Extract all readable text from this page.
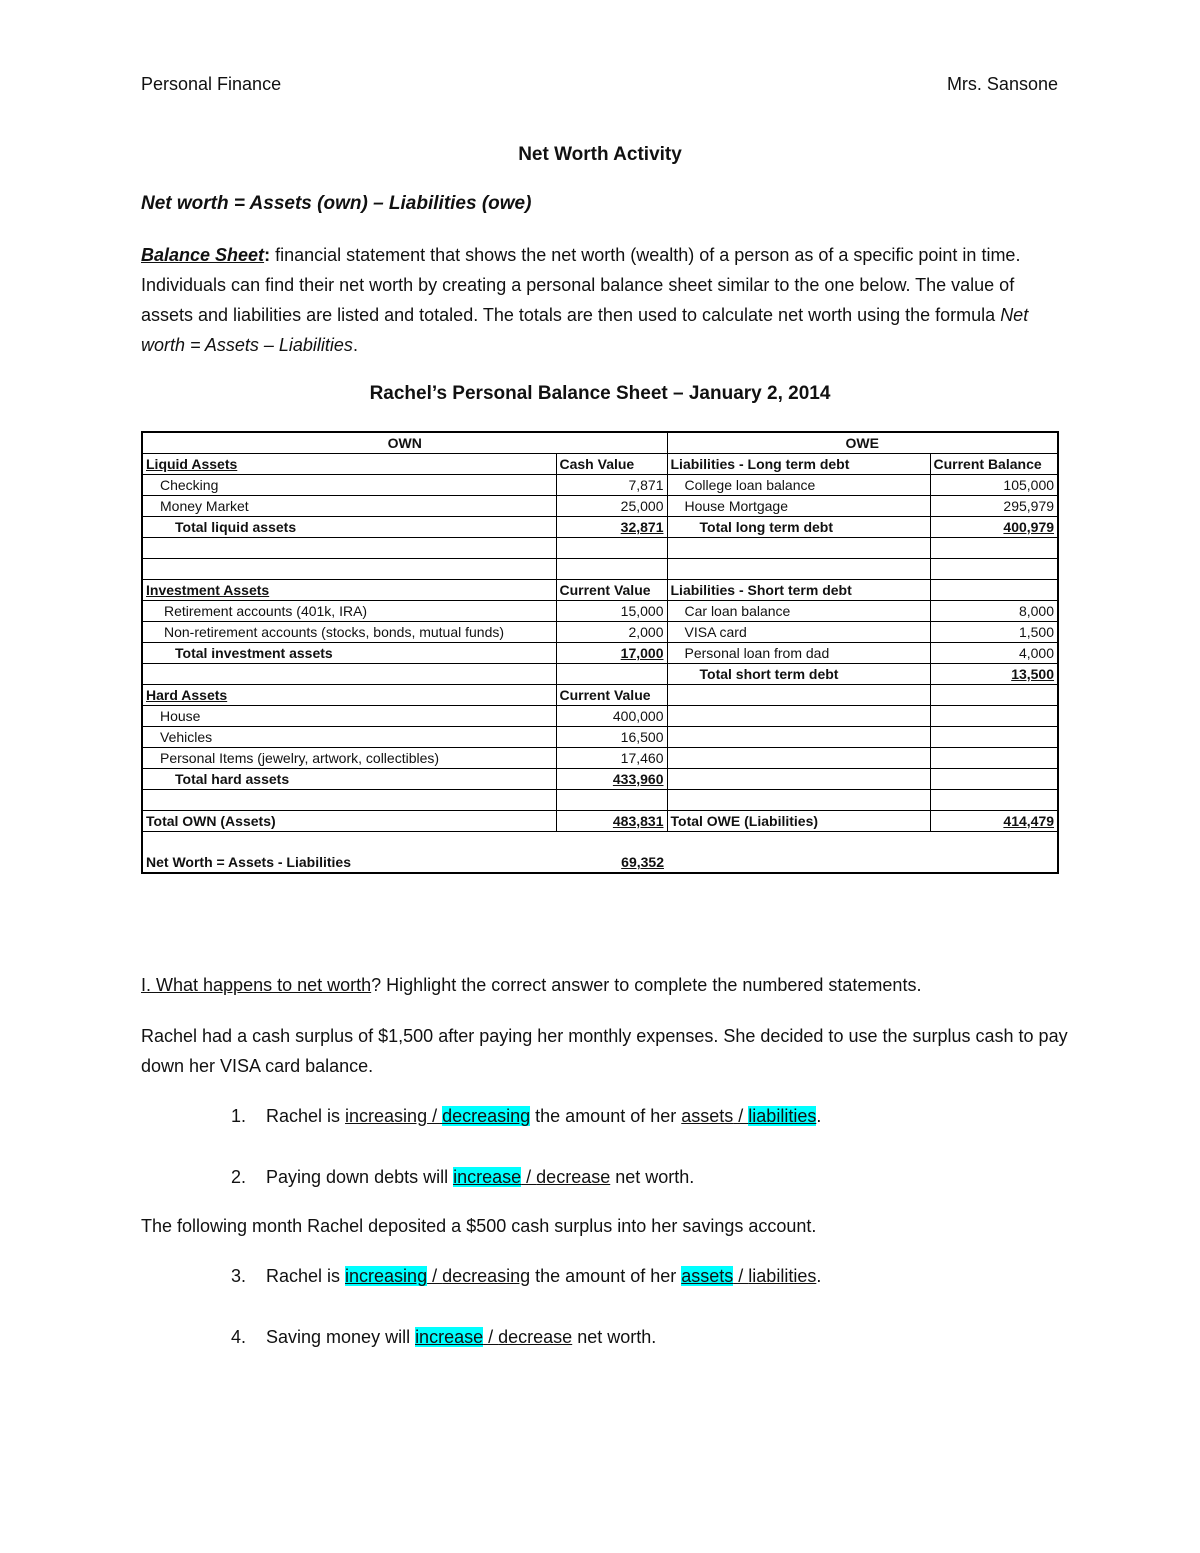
Personal Finance	Mrs. Sansone
Net Worth Activity
Net worth = Assets (own) – Liabilities (owe)
Balance Sheet: financial statement that shows the net worth (wealth) of a person as of a specific point in time. Individuals can find their net worth by creating a personal balance sheet similar to the one below. The value of assets and liabilities are listed and totaled. The totals are then used to calculate net worth using the formula Net worth = Assets – Liabilities.
Rachel’s Personal Balance Sheet – January 2, 2014
OWN		OWE	
Liquid Assets	Cash Value	Liabilities - Long term debt	Current Balance
Checking	7,871	College loan balance	105,000
Money Market	25,000	House Mortgage	295,979
Total liquid assets	32,871	Total long term debt	400,979

Investment Assets	Current Value	Liabilities - Short term debt	
Retirement accounts (401k, IRA)	15,000	Car loan balance	8,000
Non-retirement accounts (stocks, bonds, mutual funds)	2,000	VISA card	1,500
Total investment assets	17,000	Personal loan from dad	4,000
		Total short term debt	13,500
Hard Assets	Current Value		
House	400,000		
Vehicles	16,500		
Personal Items (jewelry, artwork, collectibles)	17,460		
Total hard assets	433,960		

Total OWN (Assets)	483,831	Total OWE (Liabilities)	414,479
Net Worth = Assets - Liabilities	69,352		
I. What happens to net worth? Highlight the correct answer to complete the numbered statements.
Rachel had a cash surplus of $1,500 after paying her monthly expenses. She decided to use the surplus cash to pay down her VISA card balance.
1. Rachel is increasing / decreasing the amount of her assets / liabilities.
2. Paying down debts will increase / decrease net worth.
The following month Rachel deposited a $500 cash surplus into her savings account.
3. Rachel is increasing / decreasing the amount of her assets / liabilities.
4. Saving money will increase / decrease net worth.
